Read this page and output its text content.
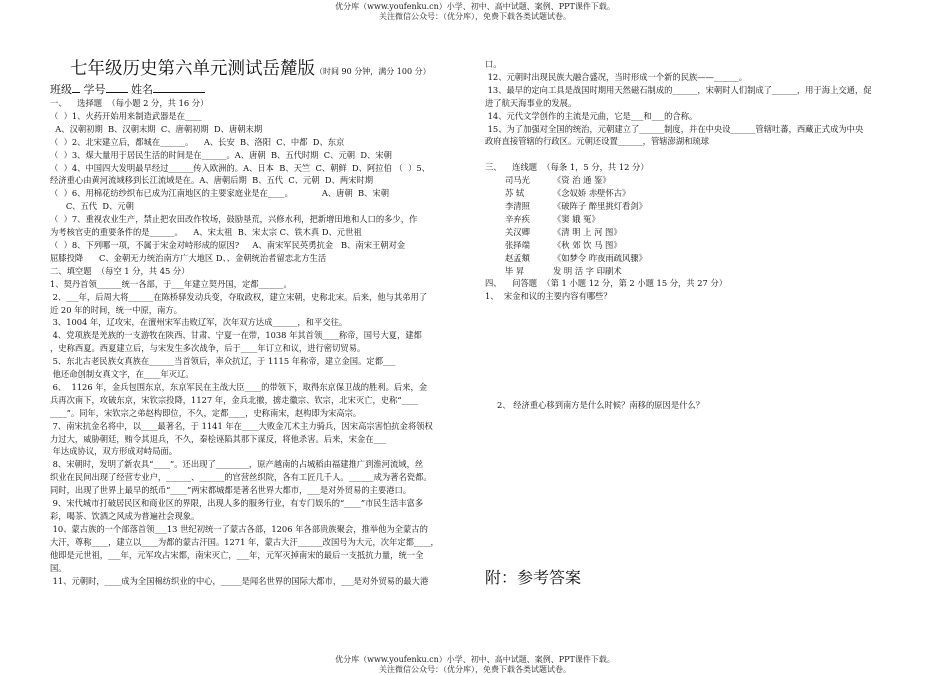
优分库（www.youfenku.cn）小学、初中、高中试题、案例、PPT课件下载。
关注微信公众号：（优分库），免费下载各类试题试卷。
七年级历史第六单元测试岳麓版（时间 90 分钟，满分 100 分）
班级 学号 姓名

一、    选择题  （每小题 2 分，共 16 分）

（  ）1、火药开始用来制造武器是在____

A、汉朝初期  B、汉朝末期  C、唐朝初期  D、唐朝末期

（  ）2、北宋建立后，都城在______。    A、长安  B、洛阳  C、中都  D、东京

（  ）3、煤大量用于居民生活的时间是在______。A、唐朝  B、五代时期  C、元朝  D、宋朝

（  ）4、中国四大发明最早经过______传入欧洲的。A、日本  B、天竺  C、朝鲜  D、阿拉伯 （  ）5、

经济重心由黄河流域移到长江流域是在。A、唐朝后期  B、五代  C、元朝  D、两宋时期

（  ）6、用棉花纺纱织布已成为江南地区的主要家庭业是在____。           A、唐朝  B、宋朝

C、五代  D、元朝

（  ）7、重视农业生产，禁止把农田改作牧场，鼓励垦荒，兴修水利，把新增田地和人口的多少，作

为考核官吏的重要条件的是______。    A、宋太祖  B、宋太宗 C、铁木真 D、元世祖

（  ）8、下列哪一项，不属于宋金对峙形成的原因?     A、南宋军民英勇抗金   B、南宋王朝对金

屈膝投降      C、金朝无力统治南方广大地区 D、、金朝统治者留恋北方生活

二、填空题  （每空 1 分，共 45 分）

1、契丹首领______统一各部，于___年建立契丹国，定都______。

2、___年，后周大将______在陈桥驿发动兵变，夺取政权，建立宋朝，史称北宋。后来，他与其弟用了

近 20 年的时间，统一中原，南方。

3、1004 年，辽攻宋，在澶州宋军击败辽军，次年双方达成______，和平交往。

4、党项族是羌族的一支游牧在陕西、甘肃、宁夏一在带，1038 年其首领____称帝，国号大夏，建都

，史称西夏。西夏建立后，与宋发生多次战争，后于____年订立和议，进行密切贸易。

5、东北古老民族女真族在______当首领后，率众抗辽，于 1115 年称帝，建立金国。定都___

他还命创制女真文字，在____年灭辽。

6、  1126 年，金兵包围东京，东京军民在主战大臣____的带领下，取得东京保卫战的胜利。后来，金

兵再次南下，攻破东京，宋钦宗投降，1127 年，金兵北撤，掳走徽宗、钦宗，北宋灭亡，史称“____

____”。同年，宋钦宗之弟赵构即位，不久，定都____，史称南宋，赵构即为宋高宗。

7、南宋抗金名将中，以____最著名，于 1141 年在____大败金兀术主力骑兵，因宋高宗害怕抗金将领权

力过大，威胁朝廷，贿令其退兵，不久，秦桧诬陷其那下谋反，将他杀害。后来，宋金在___

年达成协议，双方形成对峙局面。

8、宋朝时，发明了新农具“____”。还出现了________，原产越南的占城稻由福建推广到淮河流域，丝

织业在民间出现了经营专业户，______、______的官营丝织院，各有工匠几千人。______成为著名瓷都。

同时，出现了世界上最早的纸币“____”两宋都城都是著名世界大都市，___是对外贸易的主要港口。

9、宋代城市打破居民区和商业区的界限，出现人多的服务行业，有专门娱乐的“____”市民生活丰富多

彩，喝茶、饮酒之风成为普遍社会现象。

10、蒙古族的一个部落首领___13 世纪初统一了蒙古各部，1206 年各部贵族聚会，推举他为全蒙古的

大汗，尊称____，建立以____为都的蒙古汗国。1271 年，蒙古大汗______改国号为大元，次年定都____，

他即是元世祖，___年，元军攻占宋都，南宋灭亡，___年，元军灭掉南宋的最后一支抵抗力量，统一全

国。

11、元朝时，____成为全国棉纺织业的中心，_____是闻名世界的国际大都市，___是对外贸易的最大港

口。

12、元朝时出现民族大融合盛况，当时形成一个新的民族——______。

13、最早的定向工具是战国时期用天然磁石制成的______，宋朝时人们制成了______，用于海上交通，促

进了航天海事业的发展。

14、元代文学创作的主流是元曲，它是___和___的合称。

15、为了加强对全国的统治，元朝建立了______制度，并在中央设______管辖吐蕃，西藏正式成为中央

政府直接管辖的行政区。元朝还设置______，管辖澎湖和琉球

三、    连线题  （每条 1，5 分，共 12 分）

司马光	《资 治 通 鉴》
苏 轼	《念奴娇 赤壁怀古》
李清照	《破阵子 醉里挑灯看剑》
辛弃疾	《窦 娥 冤》
关汉卿	《清 明 上 河 图》
张择端	《秋 郊 饮 马 图》
赵孟頫	《如梦令 昨夜雨疏风骤》
毕 昇	发 明 活 字 印刷术

四、    问答题  （第 1 小题 12 分，第 2 小题 15 分，共 27 分）

1、  宋金和议的主要内容有哪些？

2、 经济重心移到南方是什么时候？南移的原因是什么？

附：参考答案
优分库（www.youfenku.cn）小学、初中、高中试题、案例、PPT课件下载。
关注微信公众号：（优分库），免费下载各类试题试卷。
